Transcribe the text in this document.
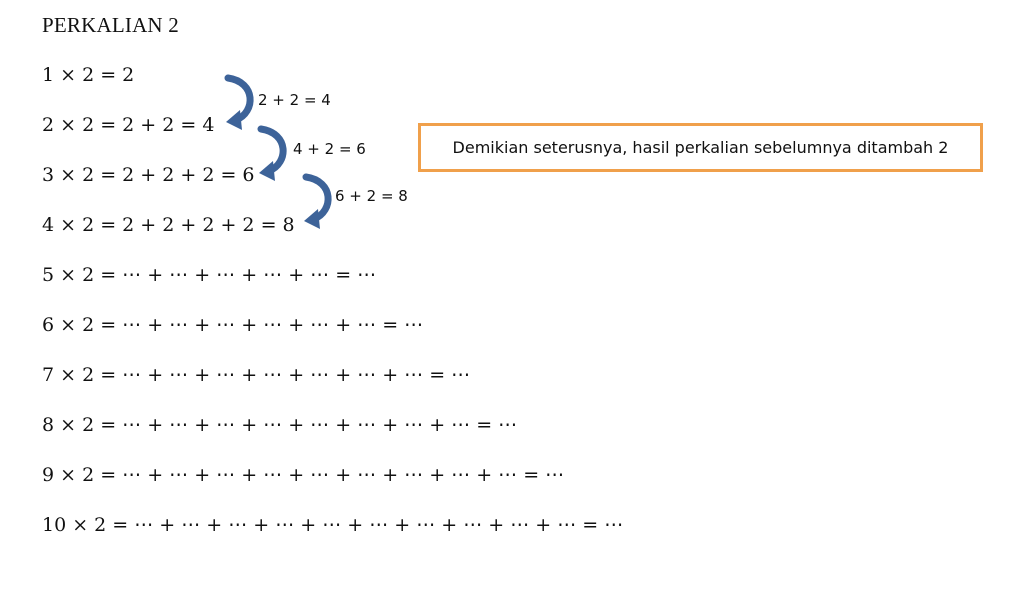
PERKALIAN 2
1 × 2 = 2
2 × 2 = 2 + 2 = 4
3 × 2 = 2 + 2 + 2 = 6
4 × 2 = 2 + 2 + 2 + 2 = 8
5 × 2 = ⋯ + ⋯ + ⋯ + ⋯ + ⋯ = ⋯
6 × 2 = ⋯ + ⋯ + ⋯ + ⋯ + ⋯ + ⋯ = ⋯
7 × 2 = ⋯ + ⋯ + ⋯ + ⋯ + ⋯ + ⋯ + ⋯ = ⋯
8 × 2 = ⋯ + ⋯ + ⋯ + ⋯ + ⋯ + ⋯ + ⋯ + ⋯ = ⋯
9 × 2 = ⋯ + ⋯ + ⋯ + ⋯ + ⋯ + ⋯ + ⋯ + ⋯ + ⋯ = ⋯
10 × 2 = ⋯ + ⋯ + ⋯ + ⋯ + ⋯ + ⋯ + ⋯ + ⋯ + ⋯ + ⋯ = ⋯
2 + 2 = 4
4 + 2 = 6
6 + 2 = 8
Demikian seterusnya, hasil perkalian sebelumnya ditambah 2
